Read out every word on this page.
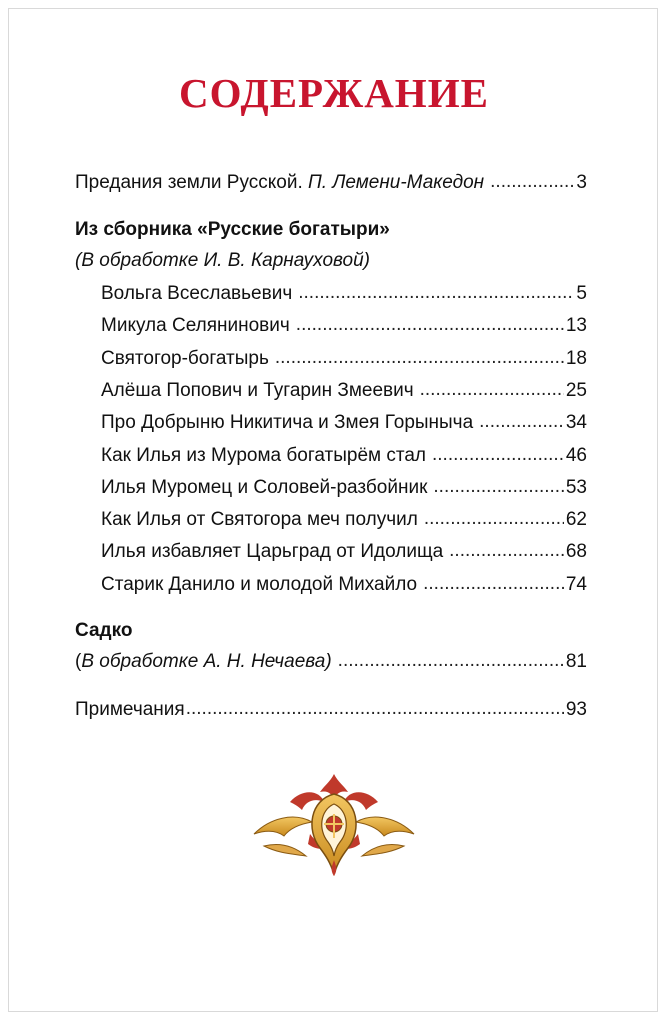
СОДЕРЖАНИЕ
Предания земли Русской. П. Лемени-Македон .....	3
Из сборника «Русские богатыри»
(В обработке И. В. Карнауховой)
Вольга Всеславьевич .....	5
Микула Селянинович .....	13
Святогор-богатырь .....	18
Алёша Попович и Тугарин Змеевич .....	25
Про Добрыню Никитича и Змея Горыныча .....	34
Как Илья из Мурома богатырём стал .....	46
Илья Муромец и Соловей-разбойник .....	53
Как Илья от Святогора меч получил .....	62
Илья избавляет Царьград от Идолища .....	68
Старик Данило и молодой Михайло .....	74
Садко
(В обработке А. Н. Нечаева) .....	81
Примечания .....	93
